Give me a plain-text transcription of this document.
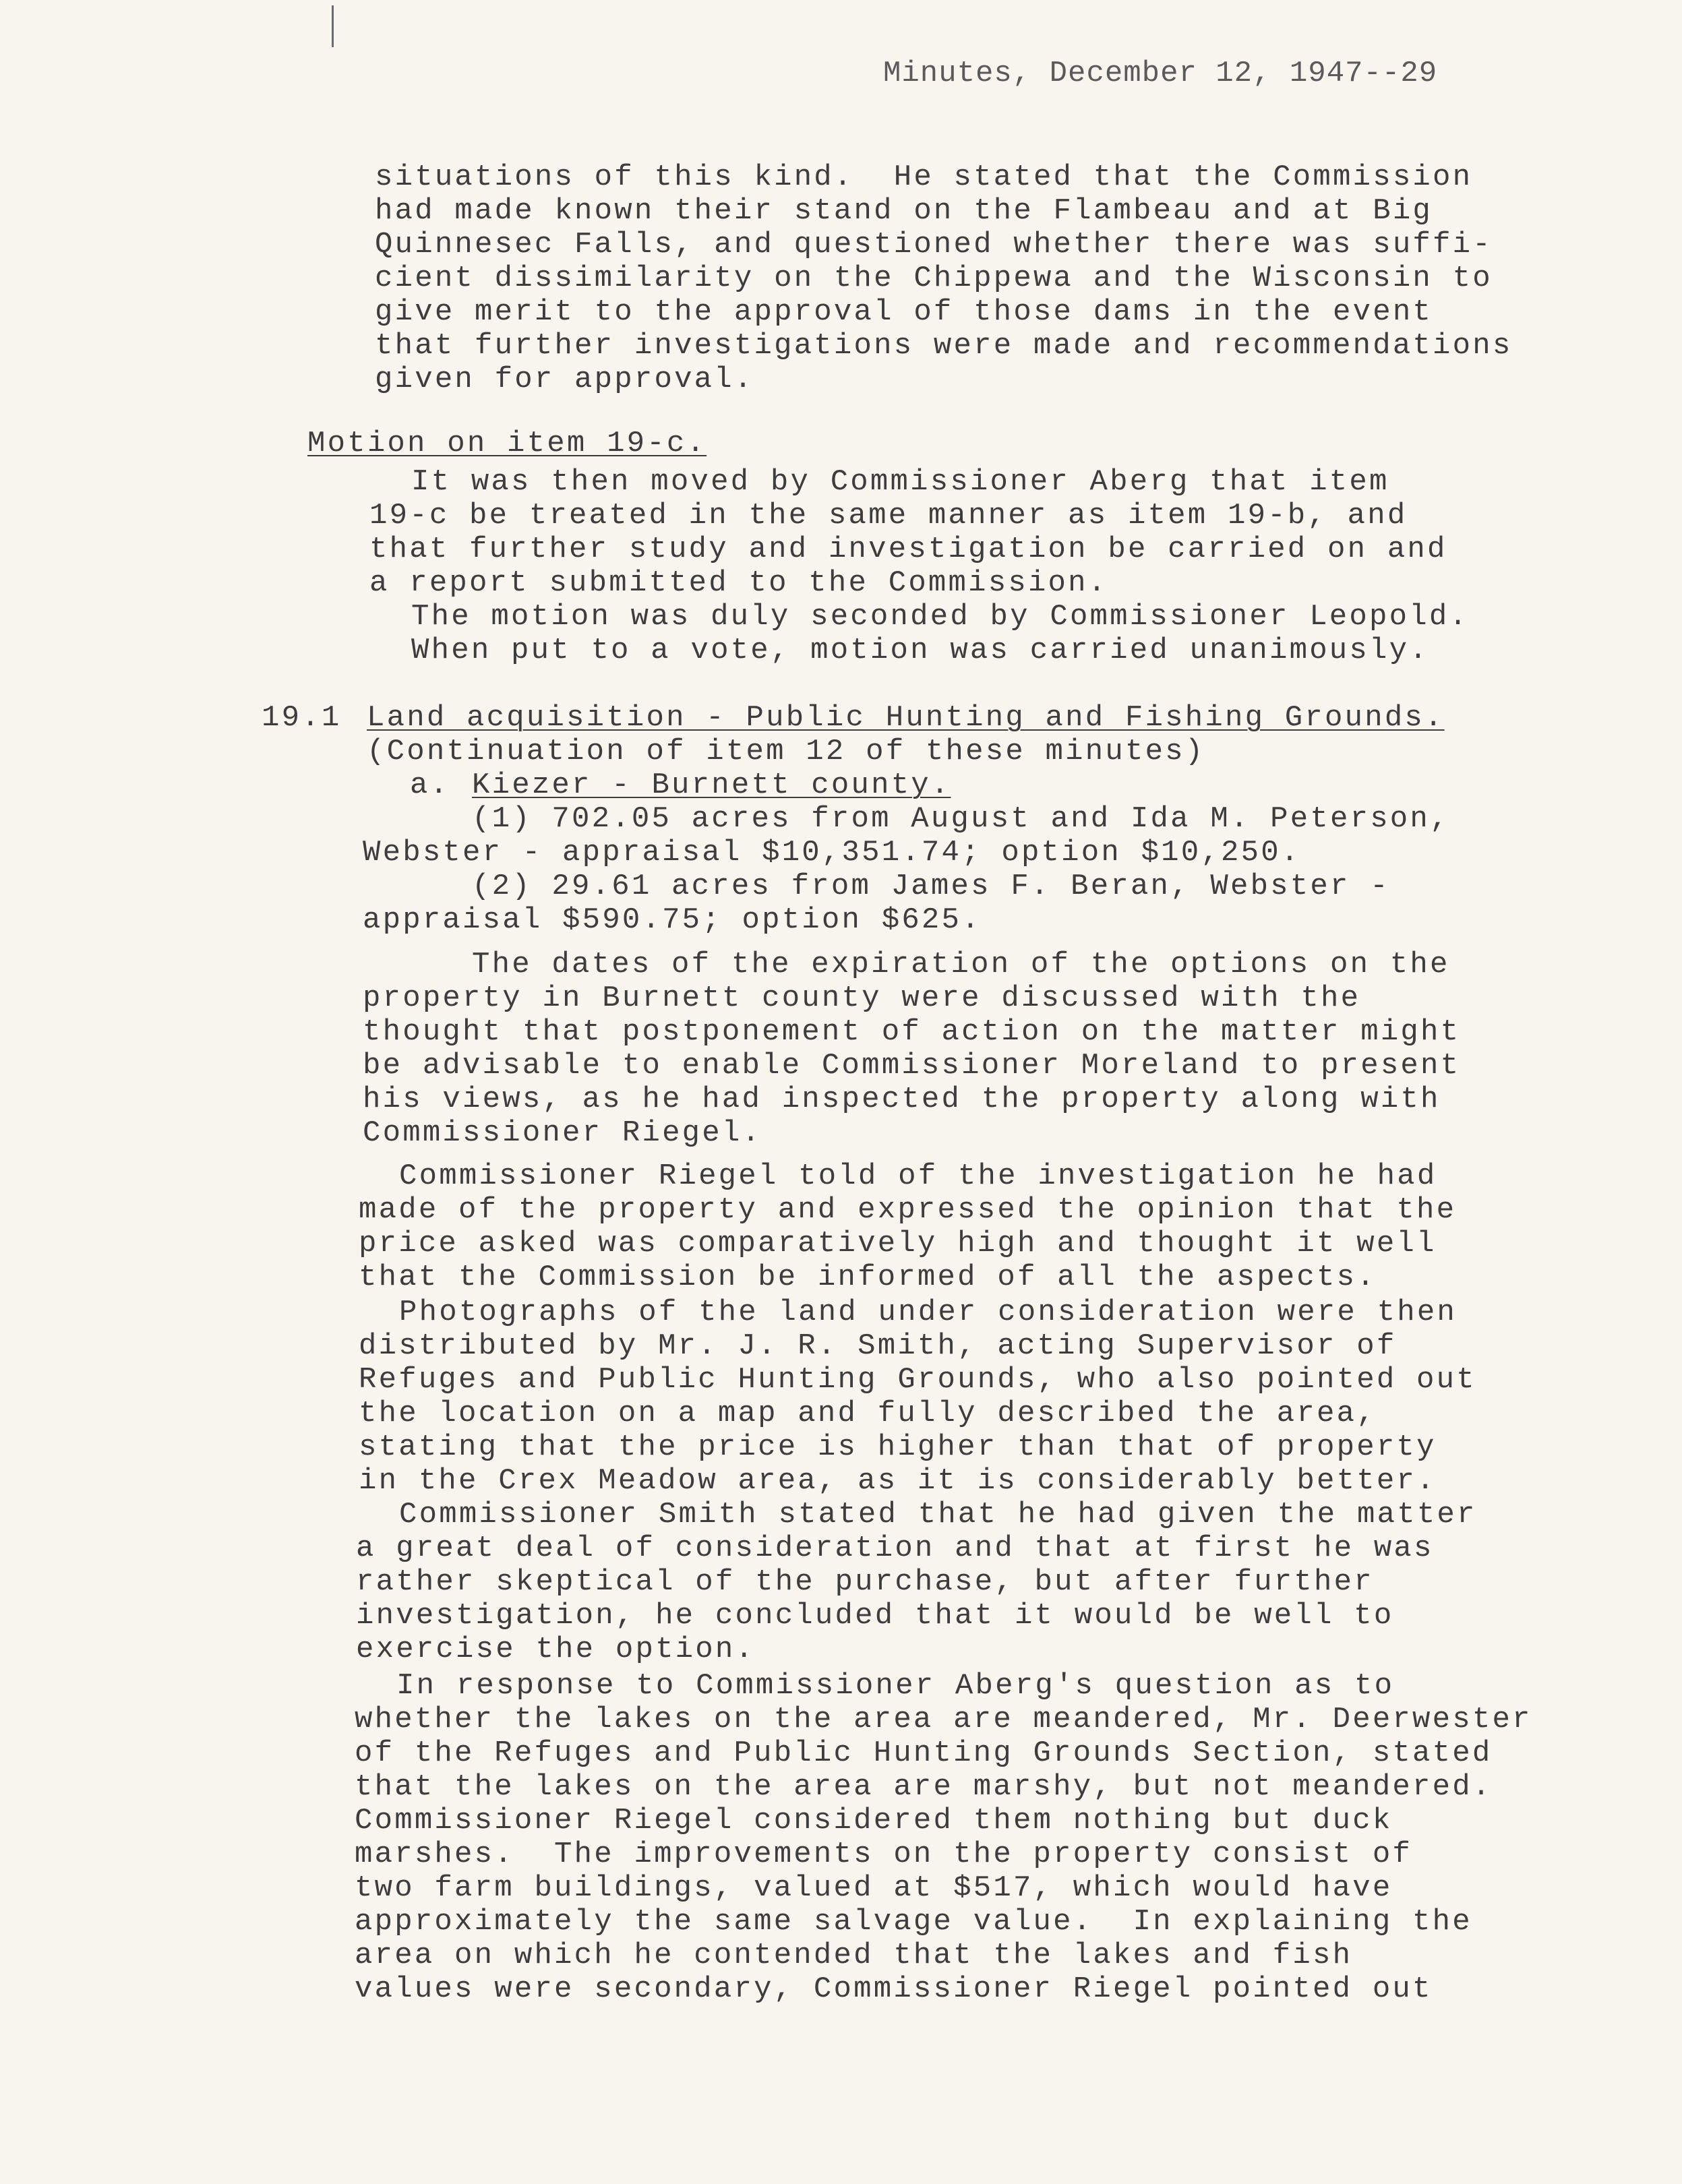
Minutes, December 12, 1947--29
situations of this kind.  He stated that the Commission
had made known their stand on the Flambeau and at Big
Quinnesec Falls, and questioned whether there was suffi-
cient dissimilarity on the Chippewa and the Wisconsin to
give merit to the approval of those dams in the event
that further investigations were made and recommendations
given for approval.
Motion on item 19-c.
It was then moved by Commissioner Aberg that item
19-c be treated in the same manner as item 19-b, and
that further study and investigation be carried on and
a report submitted to the Commission.
The motion was duly seconded by Commissioner Leopold.
When put to a vote, motion was carried unanimously.
19.1 Land acquisition - Public Hunting and Fishing Grounds.
(Continuation of item 12 of these minutes)
a. Kiezer - Burnett county.
(1) 702.05 acres from August and Ida M. Peterson,
Webster - appraisal $10,351.74; option $10,250.
(2) 29.61 acres from James F. Beran, Webster -
appraisal $590.75; option $625.
The dates of the expiration of the options on the
property in Burnett county were discussed with the
thought that postponement of action on the matter might
be advisable to enable Commissioner Moreland to present
his views, as he had inspected the property along with
Commissioner Riegel.
Commissioner Riegel told of the investigation he had
made of the property and expressed the opinion that the
price asked was comparatively high and thought it well
that the Commission be informed of all the aspects.
Photographs of the land under consideration were then
distributed by Mr. J. R. Smith, acting Supervisor of
Refuges and Public Hunting Grounds, who also pointed out
the location on a map and fully described the area,
stating that the price is higher than that of property
in the Crex Meadow area, as it is considerably better.
Commissioner Smith stated that he had given the matter
a great deal of consideration and that at first he was
rather skeptical of the purchase, but after further
investigation, he concluded that it would be well to
exercise the option.
In response to Commissioner Aberg's question as to
whether the lakes on the area are meandered, Mr. Deerwester
of the Refuges and Public Hunting Grounds Section, stated
that the lakes on the area are marshy, but not meandered.
Commissioner Riegel considered them nothing but duck
marshes.  The improvements on the property consist of
two farm buildings, valued at $517, which would have
approximately the same salvage value.  In explaining the
area on which he contended that the lakes and fish
values were secondary, Commissioner Riegel pointed out
